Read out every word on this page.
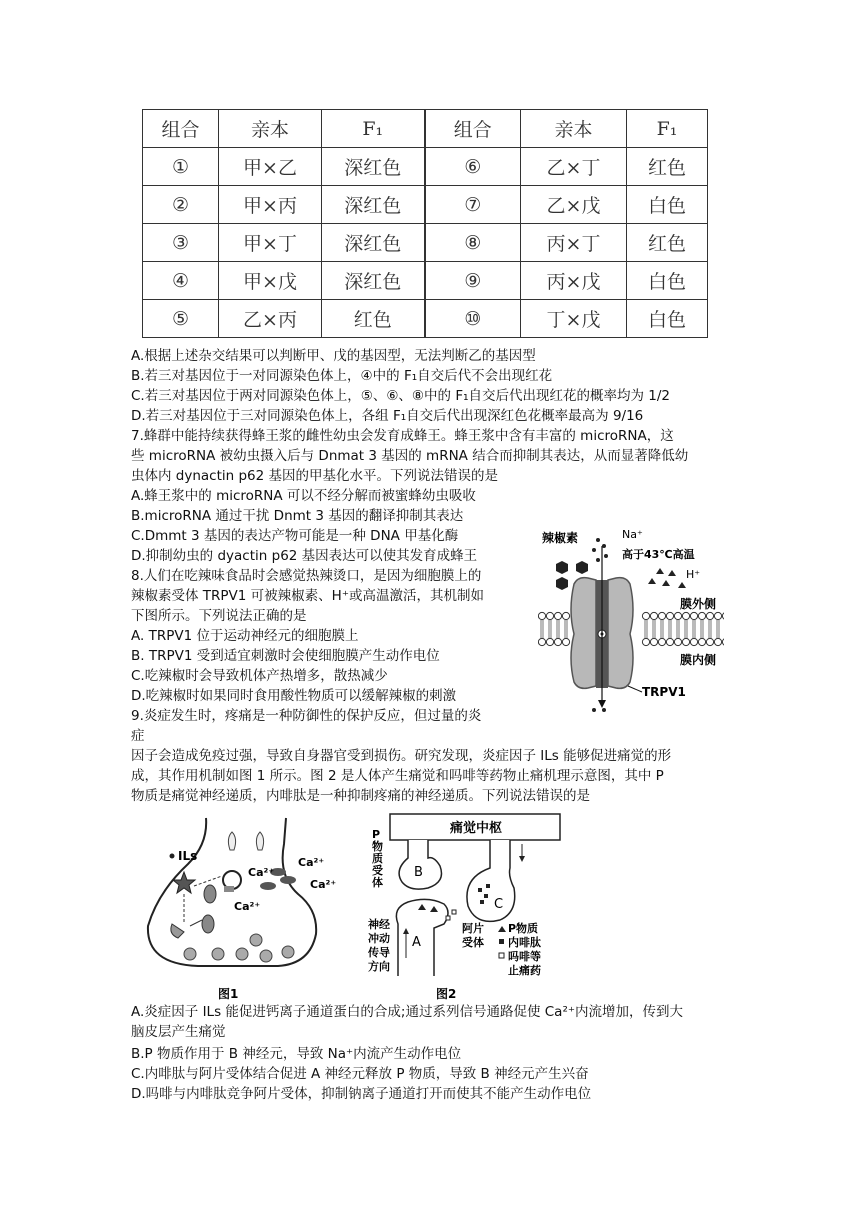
组合	亲本	F₁	组合	亲本	F₁
①	甲×乙	深红色	⑥	乙×丁	红色
②	甲×丙	深红色	⑦	乙×戊	白色
③	甲×丁	深红色	⑧	丙×丁	红色
④	甲×戊	深红色	⑨	丙×戊	白色
⑤	乙×丙	红色	⑩	丁×戊	白色
A.根据上述杂交结果可以判断甲、戊的基因型，无法判断乙的基因型
B.若三对基因位于一对同源染色体上，④中的 F₁自交后代不会出现红花
C.若三对基因位于两对同源染色体上，⑤、⑥、⑧中的 F₁自交后代出现红花的概率均为 1/2
D.若三对基因位于三对同源染色体上，各组 F₁自交后代出现深红色花概率最高为 9/16
7.蜂群中能持续获得蜂王浆的雌性幼虫会发育成蜂王。蜂王浆中含有丰富的 microRNA，这
些 microRNA 被幼虫摄入后与 Dnmat 3 基因的 mRNA 结合而抑制其表达，从而显著降低幼
虫体内 dynactin p62 基因的甲基化水平。下列说法错误的是
A.蜂王浆中的 microRNA 可以不经分解而被蜜蜂幼虫吸收
B.microRNA 通过干扰 Dnmt 3 基因的翻译抑制其表达
C.Dmmt 3 基因的表达产物可能是一种 DNA 甲基化酶
D.抑制幼虫的 dyactin p62 基因表达可以使其发育成蜂王
8.人们在吃辣味食品时会感觉热辣烫口，是因为细胞膜上的
辣椒素受体 TRPV1 可被辣椒素、H⁺或高温激活，其机制如
下图所示。下列说法正确的是
A. TRPV1 位于运动神经元的细胞膜上
B. TRPV1 受到适宜刺激时会使细胞膜产生动作电位
C.吃辣椒时会导致机体产热增多，散热减少
D.吃辣椒时如果同时食用酸性物质可以缓解辣椒的刺激
9.炎症发生时，疼痛是一种防御性的保护反应，但过量的炎
症
因子会造成免疫过强，导致自身器官受到损伤。研究发现，炎症因子 ILs 能够促进痛觉的形
成，其作用机制如图 1 所示。图 2 是人体产生痛觉和吗啡等药物止痛机理示意图，其中 P
物质是痛觉神经递质，内啡肽是一种抑制疼痛的神经递质。下列说法错误的是
A.炎症因子 ILs 能促进钙离子通道蛋白的合成;通过系列信号通路促使 Ca²⁺内流增加，传到大
脑皮层产生痛觉
B.P 物质作用于 B 神经元，导致 Na⁺内流产生动作电位
C.内啡肽与阿片受体结合促进 A 神经元释放 P 物质，导致 B 神经元产生兴奋
D.吗啡与内啡肽竞争阿片受体，抑制钠离子通道打开而使其不能产生动作电位
辣椒素	Na⁺
高于43℃高温
H⁺
膜外侧
膜内侧
TRPV1
ILs	Ca²⁺
Ca²⁺
Ca²⁺
Ca²⁺
图1
痛觉中枢
B
C
A
P
物
质
受
体
神经
冲动
传导
方向
阿片
受体
P物质
内啡肽
吗啡等
止痛药
图2
